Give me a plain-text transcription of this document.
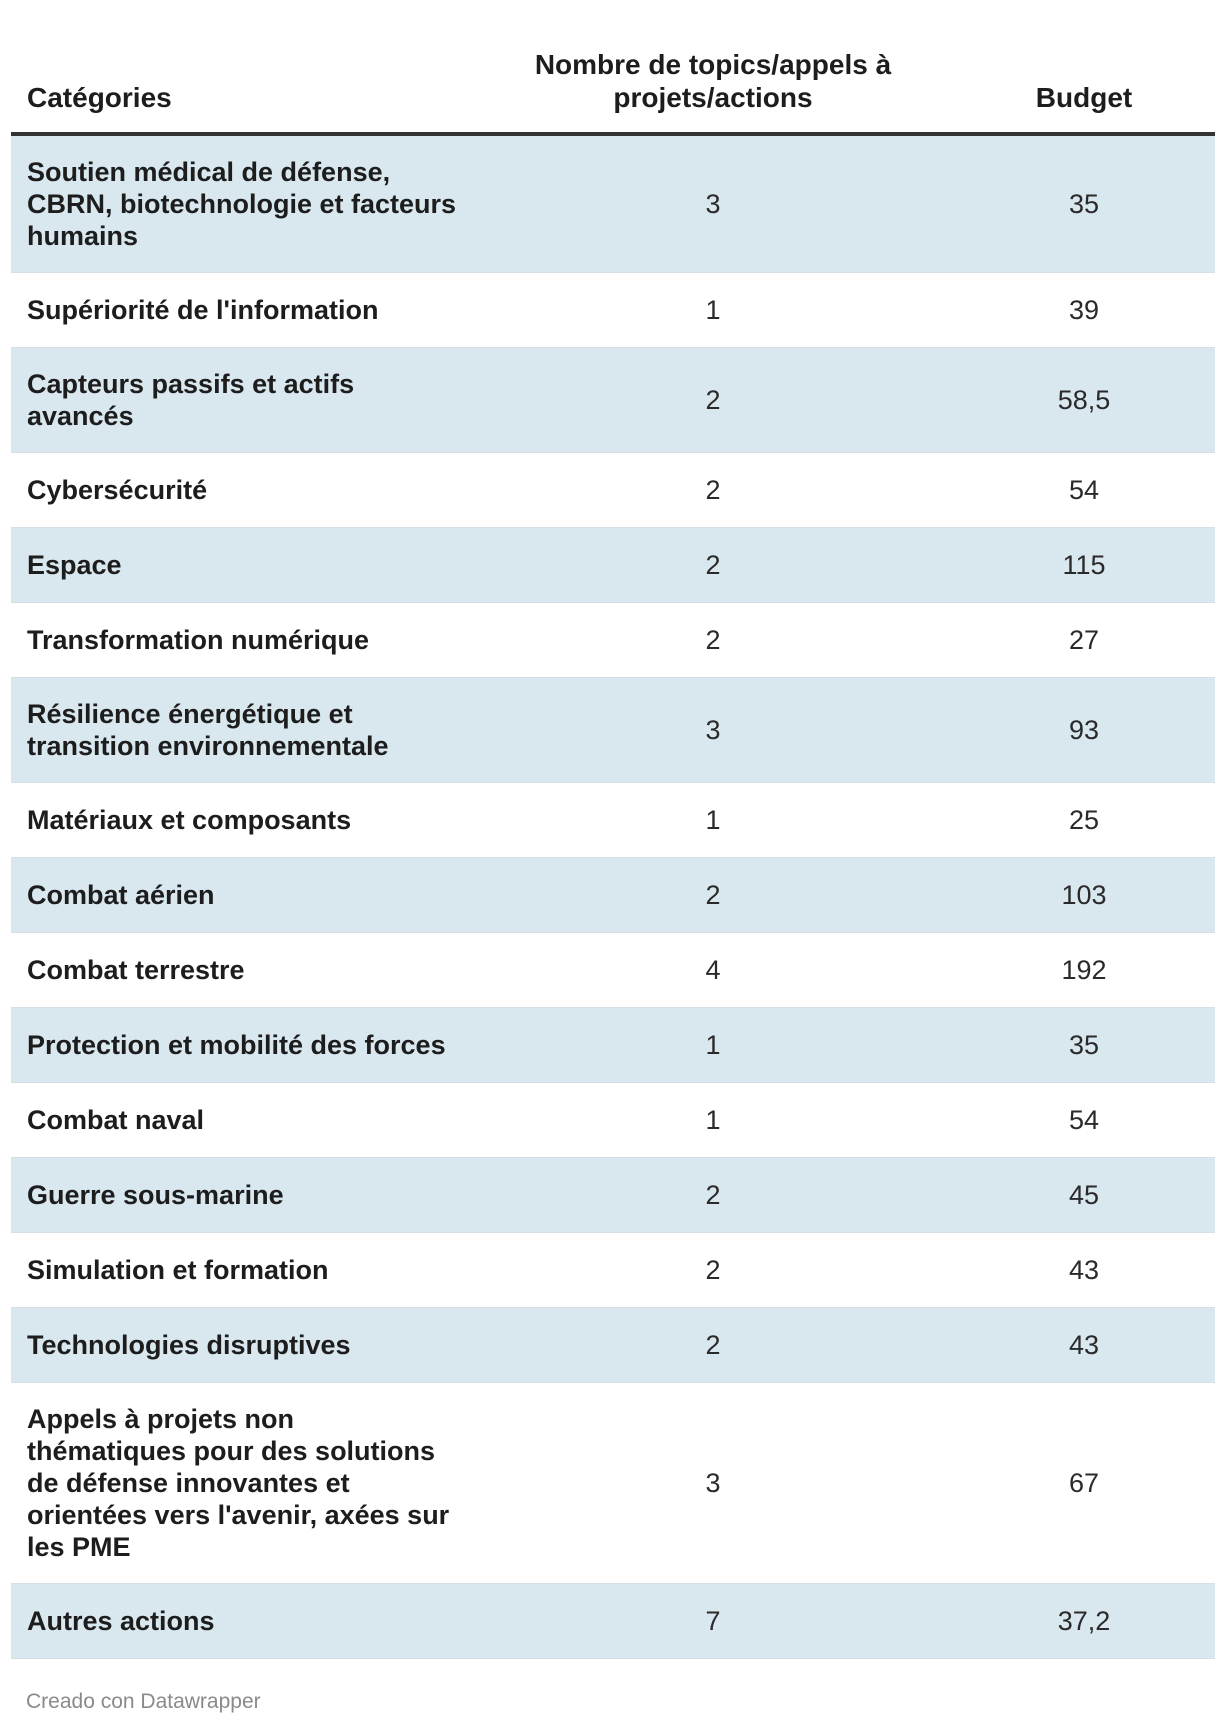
Catégories	Nombre de topics/appels à projets/actions	Budget
Soutien médical de défense, CBRN, biotechnologie et facteurs humains	3	35
Supériorité de l'information	1	39
Capteurs passifs et actifs avancés	2	58,5
Cybersécurité	2	54
Espace	2	115
Transformation numérique	2	27
Résilience énergétique et transition environnementale	3	93
Matériaux et composants	1	25
Combat aérien	2	103
Combat terrestre	4	192
Protection et mobilité des forces	1	35
Combat naval	1	54
Guerre sous-marine	2	45
Simulation et formation	2	43
Technologies disruptives	2	43
Appels à projets non thématiques pour des solutions de défense innovantes et orientées vers l'avenir, axées sur les PME	3	67
Autres actions	7	37,2
Creado con Datawrapper
